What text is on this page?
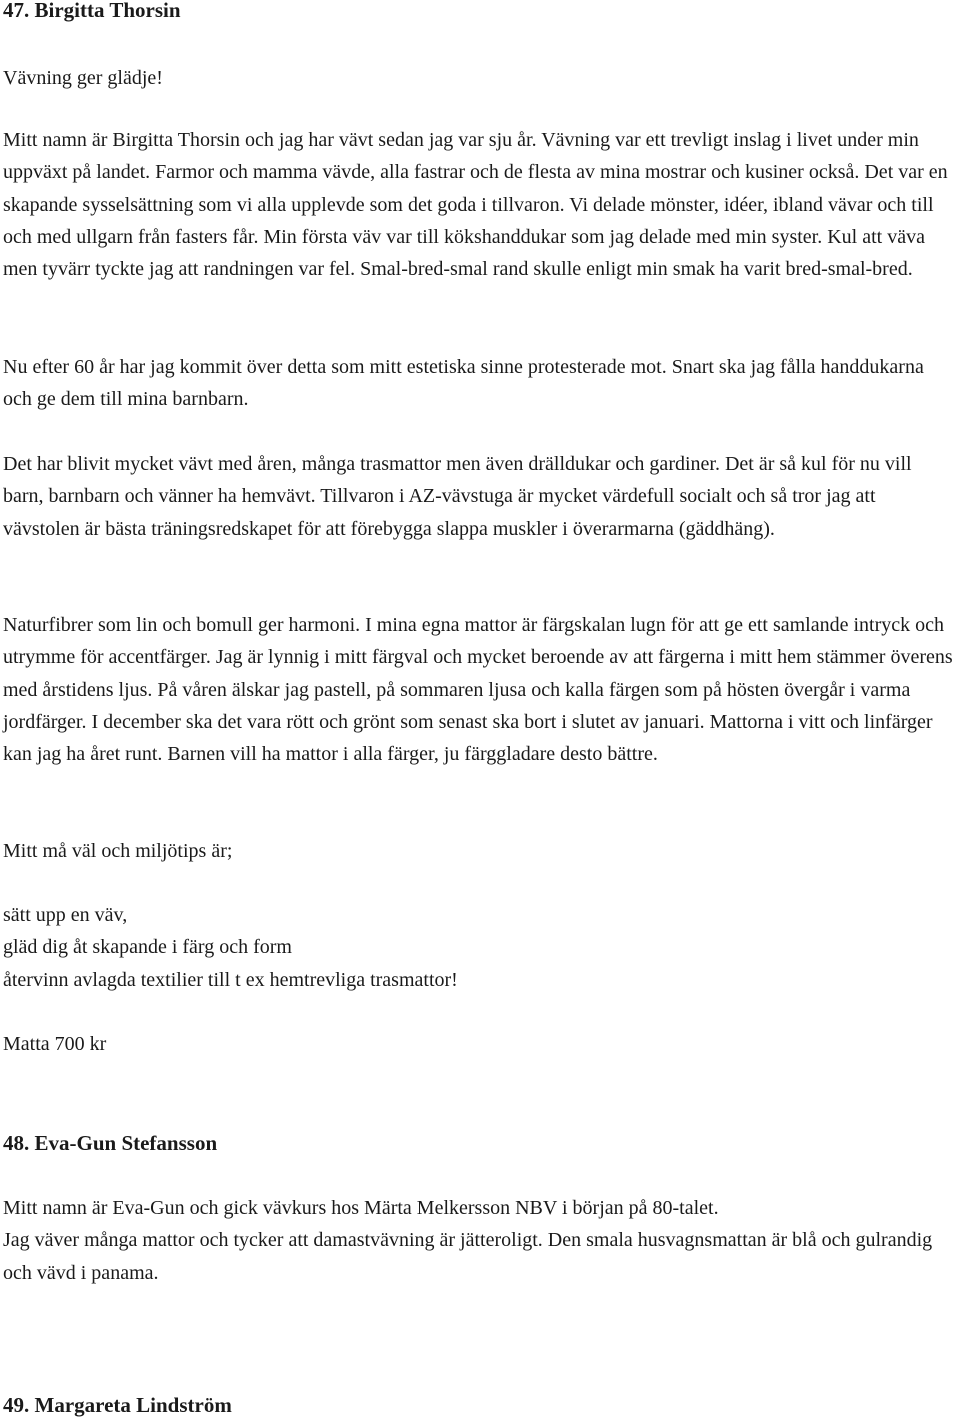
47. Birgitta Thorsin

Vävning ger glädje!

Mitt namn är Birgitta Thorsin och jag har vävt sedan jag var sju år. Vävning var ett trevligt inslag i livet under min uppväxt på landet. Farmor och mamma vävde, alla fastrar och de flesta av mina mostrar och kusiner också. Det var en skapande sysselsättning som vi alla upplevde som det goda i tillvaron. Vi delade mönster, idéer, ibland vävar och till och med ullgarn från fasters får. Min första väv var till kökshanddukar som jag delade med min syster. Kul att väva men tyvärr tyckte jag att randningen var fel. Smal-bred-smal rand skulle enligt min smak ha varit bred-smal-bred.

Nu efter 60 år har jag kommit över detta som mitt estetiska sinne protesterade mot. Snart ska jag fålla handdukarna och ge dem till mina barnbarn.

Det har blivit mycket vävt med åren, många trasmattor men även drälldukar och gardiner. Det är så kul för nu vill barn, barnbarn och vänner ha hemvävt. Tillvaron i AZ-vävstuga är mycket värdefull socialt och så tror jag att vävstolen är bästa träningsredskapet för att förebygga slappa muskler i överarmarna (gäddhäng).

Naturfibrer som lin och bomull ger harmoni. I mina egna mattor är färgskalan lugn för att ge ett samlande intryck och utrymme för accentfärger. Jag är lynnig i mitt färgval och mycket beroende av att färgerna i mitt hem stämmer överens med årstidens ljus. På våren älskar jag pastell, på sommaren ljusa och kalla färgen som på hösten övergår i varma jordfärger. I december ska det vara rött och grönt som senast ska bort i slutet av januari. Mattorna i vitt och linfärger kan jag ha året runt. Barnen vill ha mattor i alla färger, ju färggladare desto bättre.

Mitt må väl och miljötips är;

sätt upp en väv,

gläd dig åt skapande i färg och form

återvinn avlagda textilier till t ex hemtrevliga trasmattor!

Matta 700 kr

48. Eva-Gun Stefansson

Mitt namn är Eva-Gun och gick vävkurs hos Märta Melkersson NBV i början på 80-talet.

Jag väver många mattor och tycker att damastvävning är jätteroligt. Den smala husvagnsmattan är blå och gulrandig och vävd i panama.

49. Margareta Lindström
